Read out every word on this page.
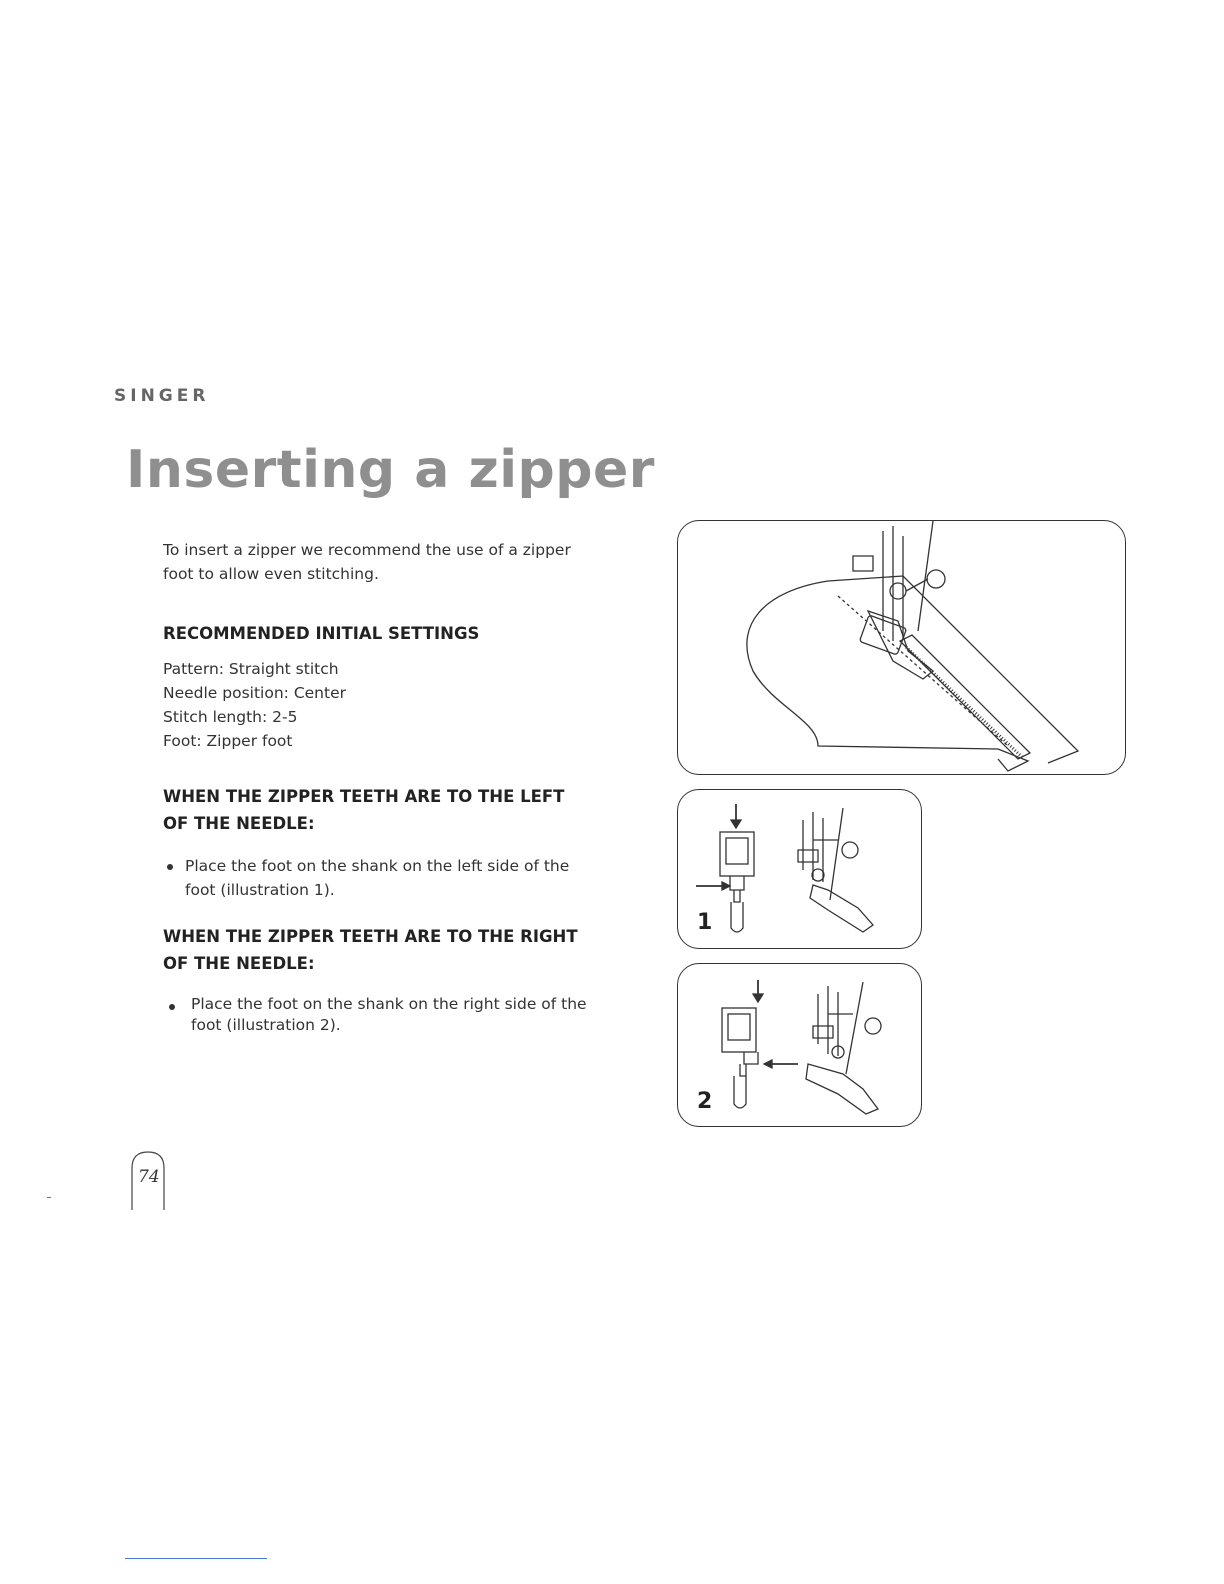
SINGER
Inserting a zipper

To insert a zipper we recommend the use of a zipper foot to allow even stitching.

RECOMMENDED INITIAL SETTINGS

Pattern: Straight stitch

Needle position: Center

Stitch length: 2-5

Foot: Zipper foot

WHEN THE ZIPPER TEETH ARE TO THE LEFT

OF THE NEEDLE:

Place the foot on the shank on the left side of the foot (illustration 1).

WHEN THE ZIPPER TEETH ARE TO THE RIGHT

OF THE NEEDLE:

Place the foot on the shank on the right side of the foot (illustration 2).

1
2
74
